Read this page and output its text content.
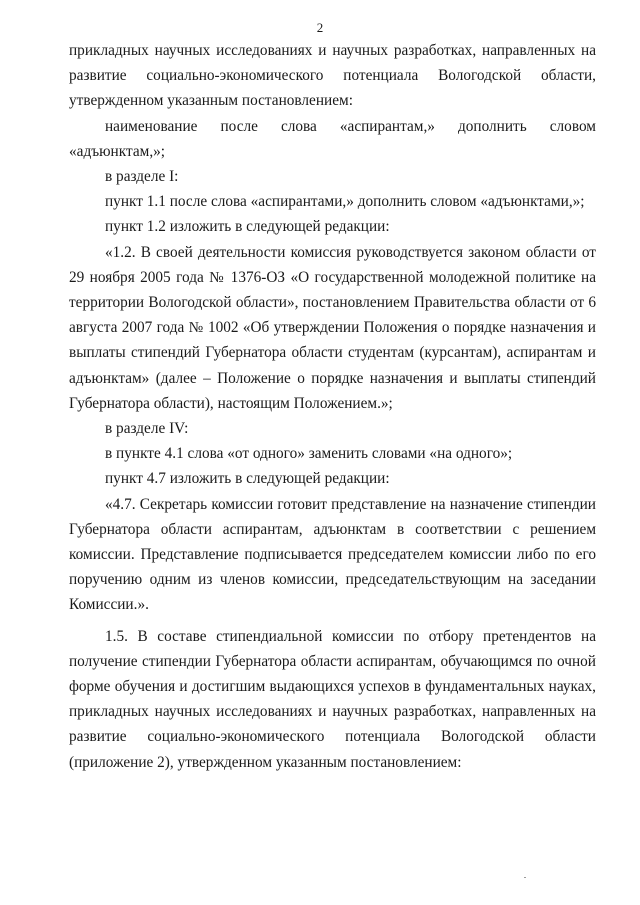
2

прикладных научных исследованиях и научных разработках, направленных на развитие социально-экономического потенциала Вологодской области, утвержденном указанным постановлением:

наименование после слова «аспирантам,» дополнить словом «адъюнктам,»;

в разделе I:

пункт 1.1 после слова «аспирантами,» дополнить словом «адъюнктами,»;

пункт 1.2 изложить в следующей редакции:

«1.2. В своей деятельности комиссия руководствуется законом области от 29 ноября 2005 года № 1376-ОЗ «О государственной молодежной политике на территории Вологодской области», постановлением Правительства области от 6 августа 2007 года № 1002 «Об утверждении Положения о порядке назначения и выплаты стипендий Губернатора области студентам (курсантам), аспирантам и адъюнктам» (далее – Положение о порядке назначения и выплаты стипендий Губернатора области), настоящим Положением.»;

в разделе IV:

в пункте 4.1 слова «от одного» заменить словами «на одного»;

пункт 4.7 изложить в следующей редакции:

«4.7. Секретарь комиссии готовит представление на назначение стипендии Губернатора области аспирантам, адъюнктам в соответствии с решением комиссии. Представление подписывается председателем комиссии либо по его поручению одним из членов комиссии, председательствующим на заседании Комиссии.».

1.5. В составе стипендиальной комиссии по отбору претендентов на получение стипендии Губернатора области аспирантам, обучающимся по очной форме обучения и достигшим выдающихся успехов в фундаментальных науках, прикладных научных исследованиях и научных разработках, направленных на развитие социально-экономического потенциала Вологодской области (приложение 2), утвержденном указанным постановлением:
